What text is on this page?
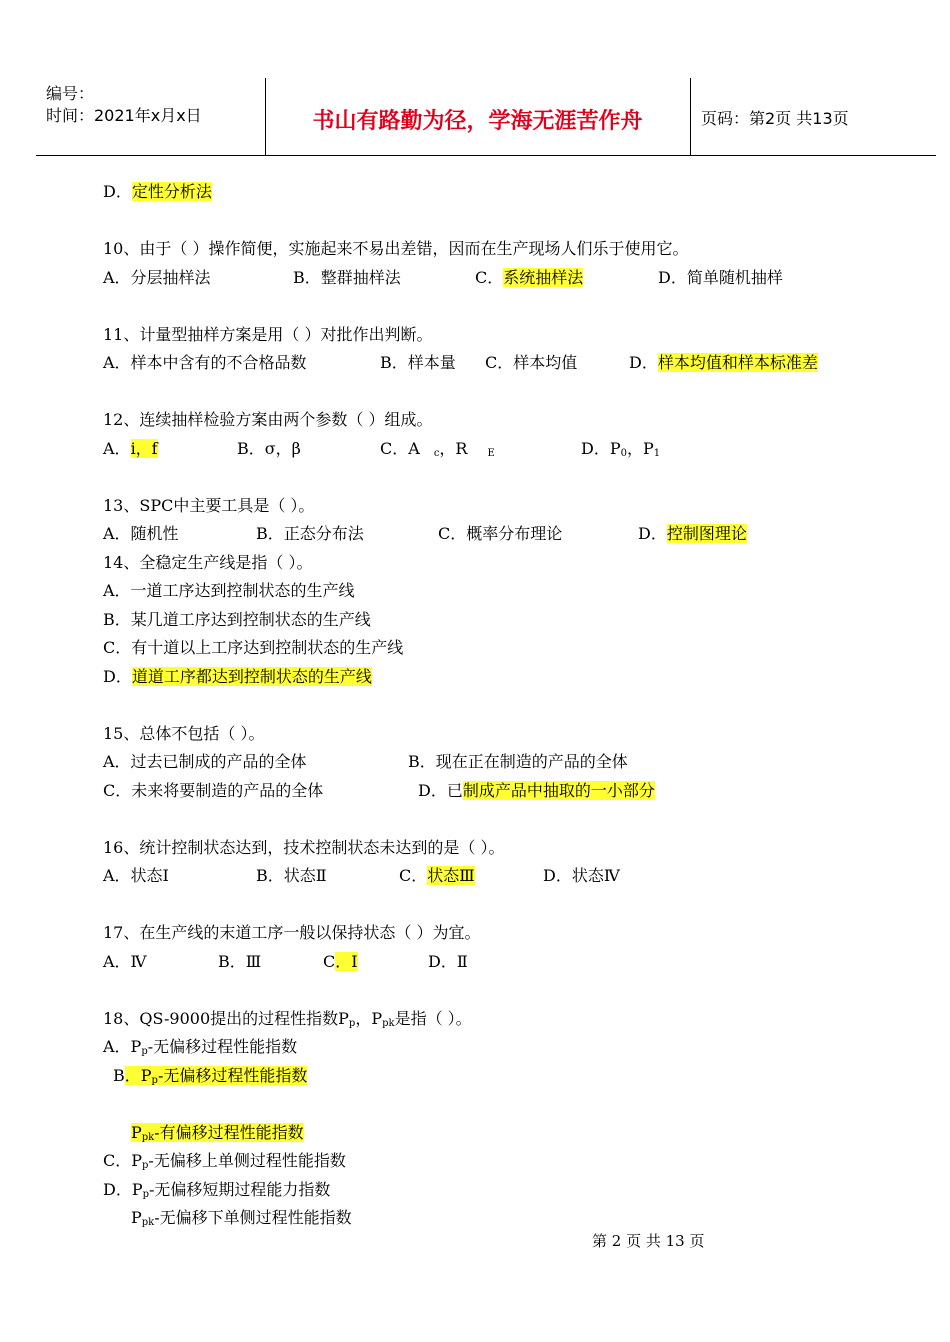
编号：
时间：2021年x月x日	书山有路勤为径，学海无涯苦作舟	页码：第2页 共13页
D．定性分析法
10、由于（ ）操作简便，实施起来不易出差错，因而在生产现场人们乐于使用它。
A．分层抽样法	B．整群抽样法	C．系统抽样法	D．简单随机抽样
11、计量型抽样方案是用（ ）对批作出判断。
A．样本中含有的不合格品数	B．样本量 C．样本均值	D．样本均值和样本标准差
12、连续抽样检验方案由两个参数（ ）组成。
A．i，f	B．σ，β	C．A $_c$，R $_E$	D．$P_0$，$P_1$
13、SPC中主要工具是（ ）。
A．随机性	B．正态分布法	C．概率分布理论	D．控制图理论
14、全稳定生产线是指（ ）。
A．一道工序达到控制状态的生产线
B．某几道工序达到控制状态的生产线
C．有十道以上工序达到控制状态的生产线
D．道道工序都达到控制状态的生产线
15、总体不包括（ ）。
A．过去已制成的产品的全体	B．现在正在制造的产品的全体
C．未来将要制造的产品的全体	D．已制成产品中抽取的一小部分
16、统计控制状态达到，技术控制状态未达到的是（ ）。
A．状态Ⅰ	B．状态Ⅱ	C．状态Ⅲ	D．状态Ⅳ
17、在生产线的末道工序一般以保持状态（ ）为宜。
A．Ⅳ	B．Ⅲ	C．Ⅰ	D．Ⅱ
18、QS-9000提出的过程性指数$P_p$，$P_{pk}$是指（ ）。
A．$P_p-$无偏移过程性能指数
B．$P_p-$无偏移过程性能指数
$P_{pk}-$有偏移过程性能指数
C．$P_p-$无偏移上单侧过程性能指数
D．$P_p-$无偏移短期过程能力指数
$P_{pk}-$无偏移下单侧过程性能指数
第 2 页 共 13 页
